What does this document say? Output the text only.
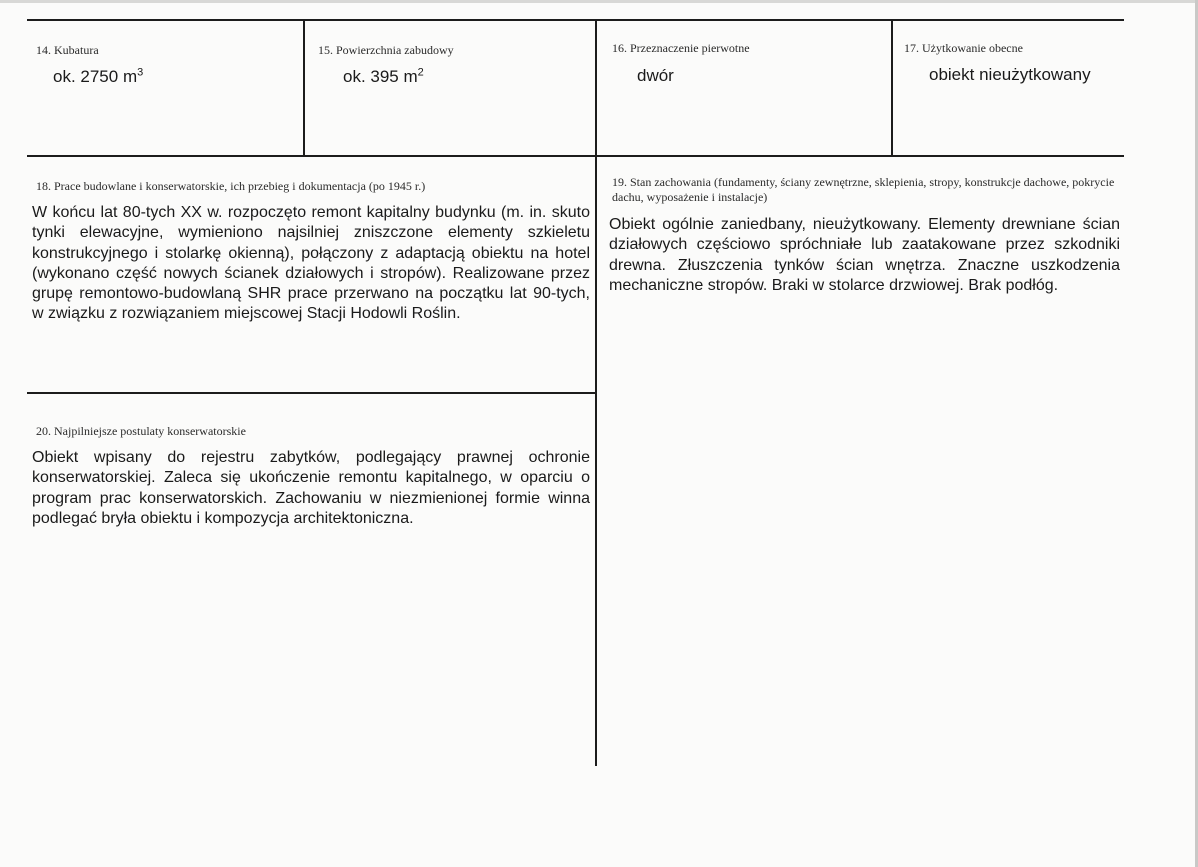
14. Kubatura
ok. 2750 $m^3$
15. Powierzchnia zabudowy
ok. 395 $m^2$
16. Przeznaczenie pierwotne
dwór
17. Użytkowanie obecne
obiekt nieużytkowany
18. Prace budowlane i konserwatorskie, ich przebieg i dokumentacja (po 1945 r.)
W końcu lat 80-tych XX w. rozpoczęto remont kapitalny budynku (m. in. skuto tynki elewacyjne, wymieniono najsilniej zniszczone elementy szkieletu konstrukcyjnego i stolarkę okienną), połączony z adaptacją obiektu na hotel (wykonano część nowych ścianek działowych i stropów). Realizowane przez grupę remontowo-budowlaną SHR prace przerwano na początku lat 90-tych, w związku z rozwiązaniem miejscowej Stacji Hodowli Roślin.
19. Stan zachowania (fundamenty, ściany zewnętrzne, sklepienia, stropy, konstrukcje dachowe, pokrycie dachu, wyposażenie i instalacje)
Obiekt ogólnie zaniedbany, nieużytkowany. Elementy drewniane ścian działowych częściowo spróchniałe lub zaatakowane przez szkodniki drewna. Złuszczenia tynków ścian wnętrza. Znaczne uszkodzenia mechaniczne stropów. Braki w stolarce drzwiowej. Brak podłóg.
20. Najpilniejsze postulaty konserwatorskie
Obiekt wpisany do rejestru zabytków, podlegający prawnej ochronie konserwatorskiej. Zaleca się ukończenie remontu kapitalnego, w oparciu o program prac konserwatorskich. Zachowaniu w niezmienionej formie winna podlegać bryła obiektu i kompozycja architektoniczna.
